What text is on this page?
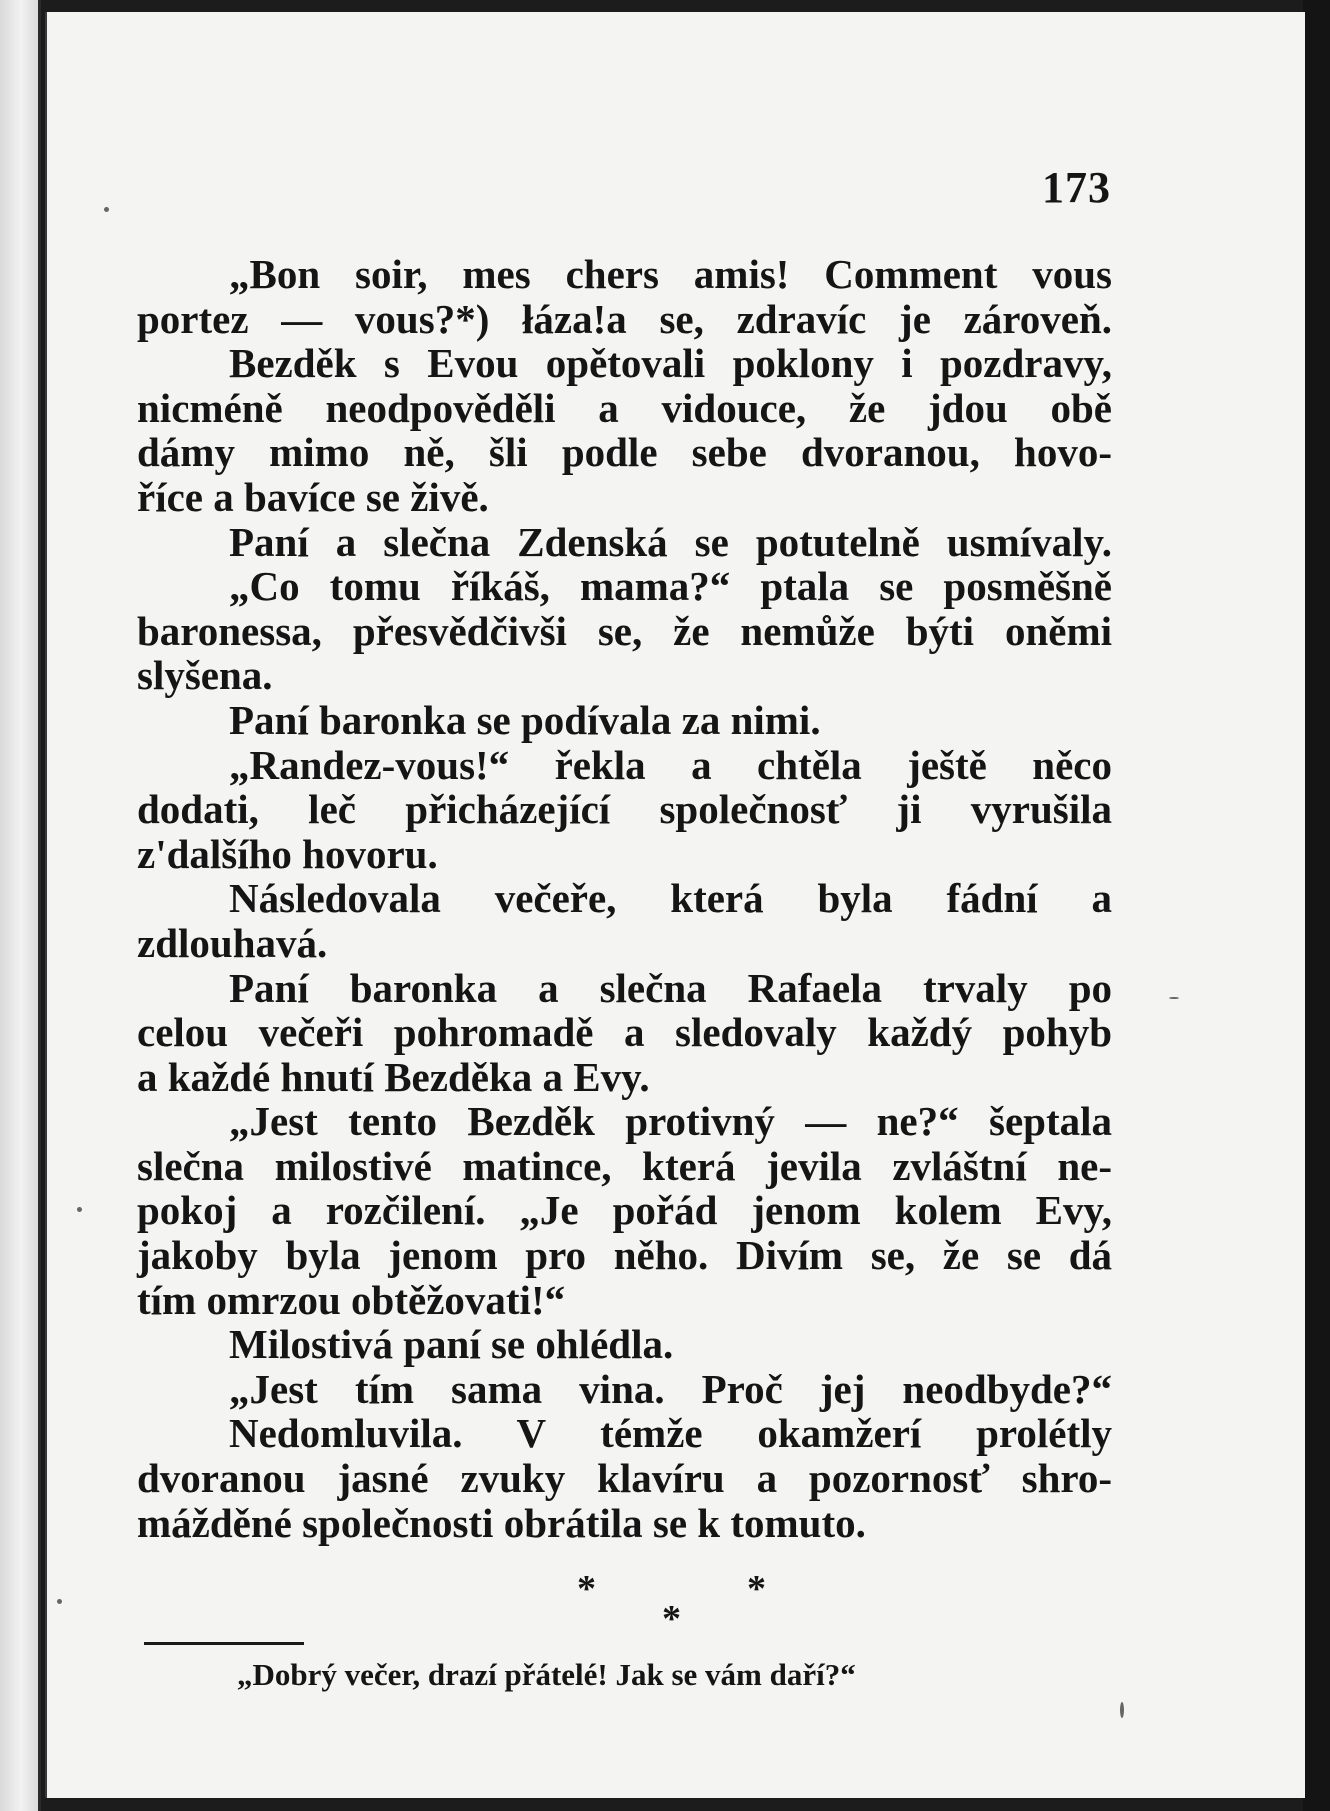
173
„Bon soir, mes chers amis! Comment vous
portez — vous?*) łáza!a se, zdravíc je zároveň.
Bezděk s Evou opětovali poklony i pozdravy,
nicméně neodpověděli a vidouce, že jdou obě
dámy mimo ně, šli podle sebe dvoranou, hovo-
říce a bavíce se živě.
Paní a slečna Zdenská se potutelně usmívaly.
„Co tomu říkáš, mama?“ ptala se posměšně
baronessa, přesvědčivši se, že nemůže býti oněmi
slyšena.
Paní baronka se podívala za nimi.
„Randez-vous!“ řekla a chtěla ještě něco
dodati, leč přicházející společnosť ji vyrušila
z'dalšího hovoru.
Následovala večeře, která byla fádní a
zdlouhavá.
Paní baronka a slečna Rafaela trvaly po
celou večeři pohromadě a sledovaly každý pohyb
a každé hnutí Bezděka a Evy.
„Jest tento Bezděk protivný — ne?“ šeptala
slečna milostivé matince, která jevila zvláštní ne-
pokoj a rozčilení. „Je pořád jenom kolem Evy,
jakoby byla jenom pro něho. Divím se, že se dá
tím omrzou obtěžovati!“
Milostivá paní se ohlédla.
„Jest tím sama vina. Proč jej neodbyde?“
Nedomluvila. V témže okamžerí prolétly
dvoranou jasné zvuky klavíru a pozornosť shro-
mážděné společnosti obrátila se k tomuto.
*	*
*
„Dobrý večer, drazí přátelé! Jak se vám daří?“
